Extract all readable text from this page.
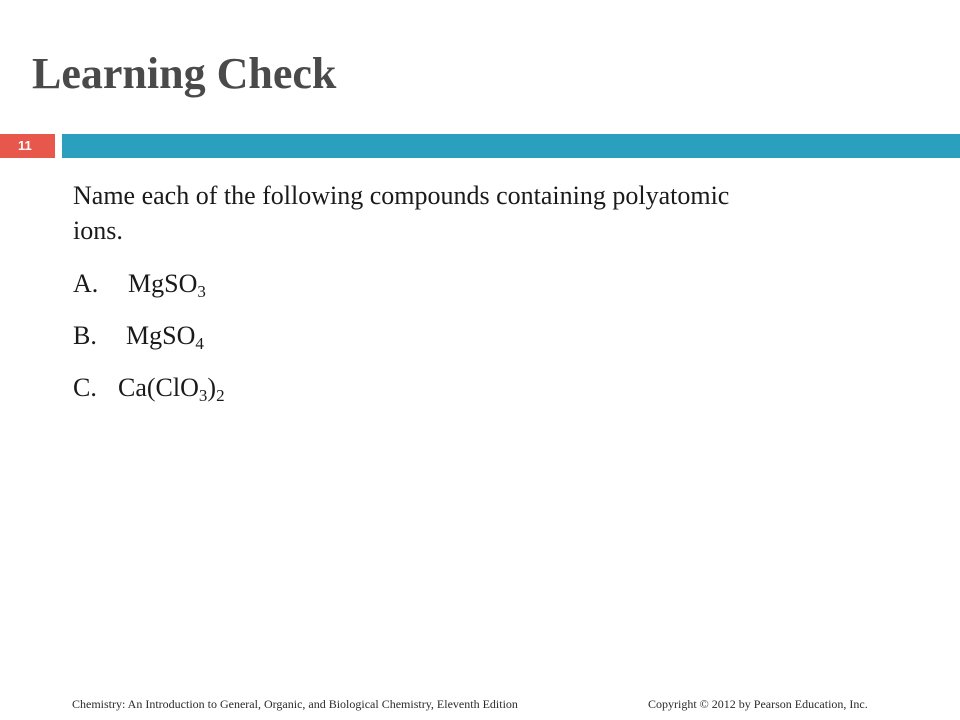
Learning Check
11
Name each of the following compounds containing polyatomic
ions.
A. MgSO$_3$
B. MgSO$_4$
C. $Ca(ClO_3)_2$
Chemistry: An Introduction to General, Organic, and Biological Chemistry, Eleventh Edition	Copyright © 2012 by Pearson Education, Inc.
